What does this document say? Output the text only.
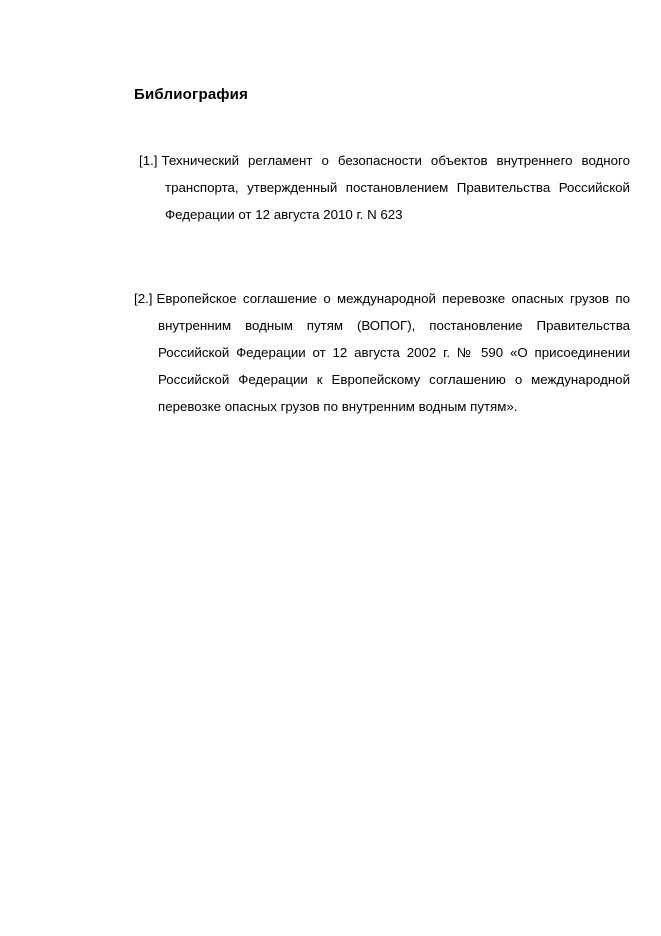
Библиография
[1.] Технический регламент о безопасности объектов внутреннего водного транспорта, утвержденный постановлением Правительства Российской Федерации от 12 августа 2010 г. N 623
[2.] Европейское соглашение о международной перевозке опасных грузов по внутренним водным путям (ВОПОГ), постановление Правительства Российской Федерации от 12 августа 2002 г. № 590 «О присоединении Российской Федерации к Европейскому соглашению о международной перевозке опасных грузов по внутренним водным путям».
